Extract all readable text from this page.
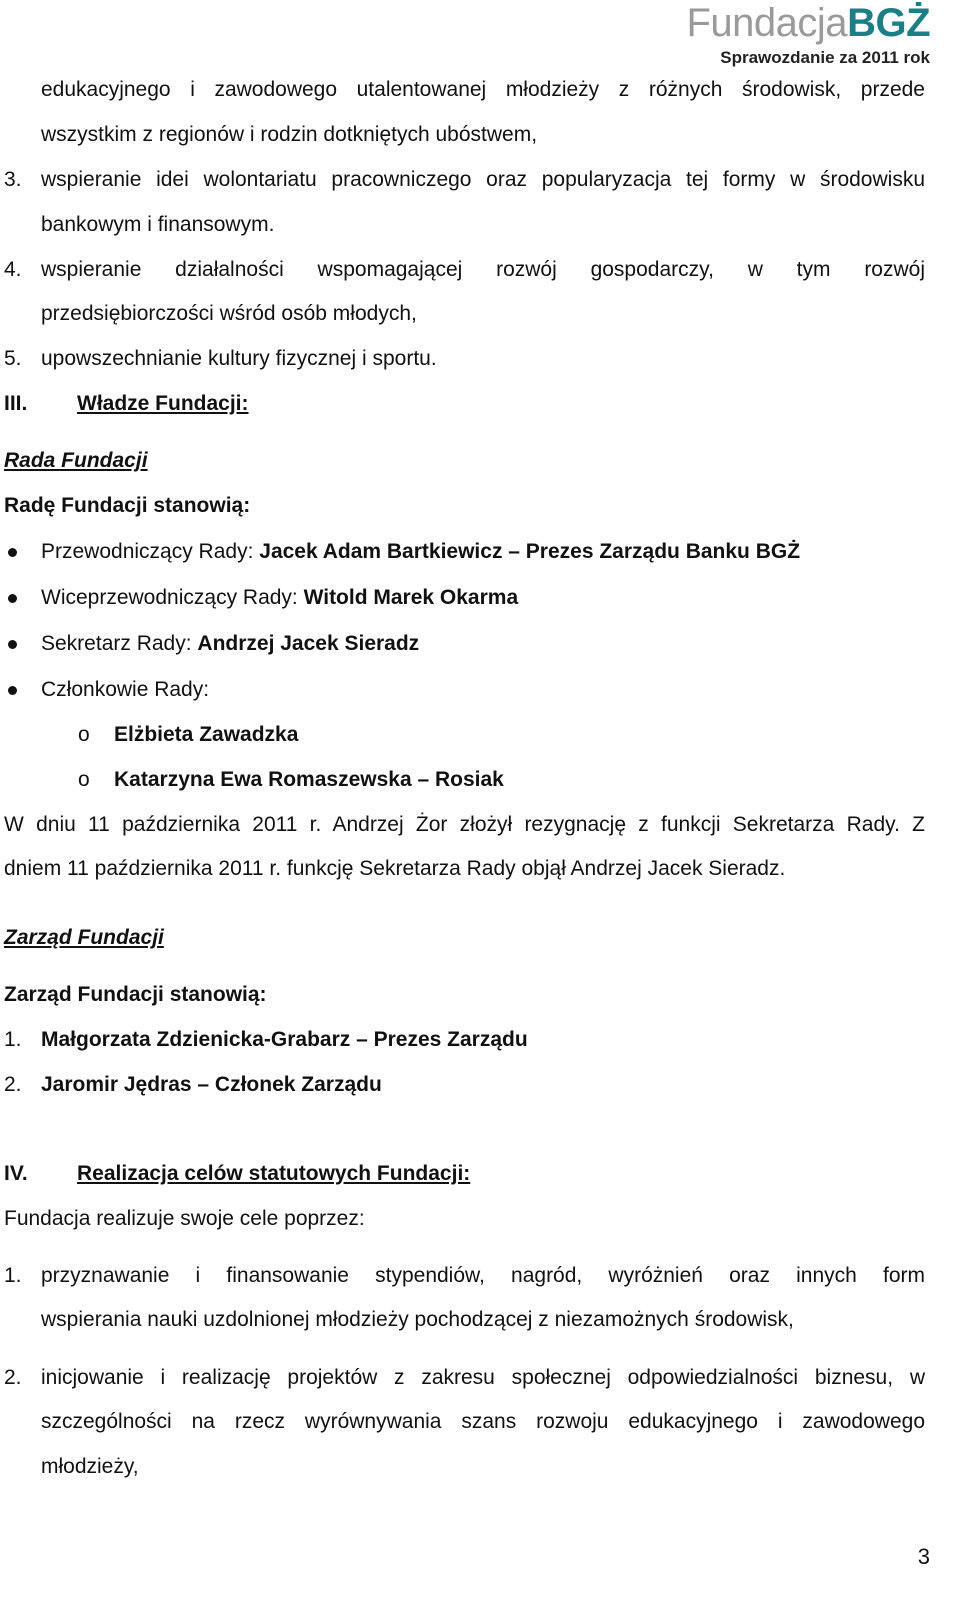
FundacjaBGŻ
Sprawozdanie za 2011 rok
edukacyjnego i zawodowego utalentowanej młodzieży z różnych środowisk, przede
wszystkim z regionów i rodzin dotkniętych ubóstwem,
3. wspieranie idei wolontariatu pracowniczego oraz popularyzacja tej formy w środowisku
bankowym i finansowym.
4. wspieranie działalności wspomagającej rozwój gospodarczy, w tym rozwój
przedsiębiorczości wśród osób młodych,
5. upowszechnianie kultury fizycznej i sportu.
III. Władze Fundacji:
Rada Fundacji
Radę Fundacji stanowią:
Przewodniczący Rady: Jacek Adam Bartkiewicz – Prezes Zarządu Banku BGŻ
Wiceprzewodniczący Rady: Witold Marek Okarma
Sekretarz Rady: Andrzej Jacek Sieradz
Członkowie Rady:
o Elżbieta Zawadzka
o Katarzyna Ewa Romaszewska – Rosiak
W dniu 11 października 2011 r. Andrzej Żor złożył rezygnację z funkcji Sekretarza Rady. Z
dniem 11 października 2011 r. funkcję Sekretarza Rady objął Andrzej Jacek Sieradz.
Zarząd Fundacji
Zarząd Fundacji stanowią:
1. Małgorzata Zdzienicka-Grabarz – Prezes Zarządu
2. Jaromir Jędras – Członek Zarządu
IV. Realizacja celów statutowych Fundacji:
Fundacja realizuje swoje cele poprzez:
1. przyznawanie i finansowanie stypendiów, nagród, wyróżnień oraz innych form
wspierania nauki uzdolnionej młodzieży pochodzącej z niezamożnych środowisk,
2. inicjowanie i realizację projektów z zakresu społecznej odpowiedzialności biznesu, w
szczególności na rzecz wyrównywania szans rozwoju edukacyjnego i zawodowego
młodzieży,
3
